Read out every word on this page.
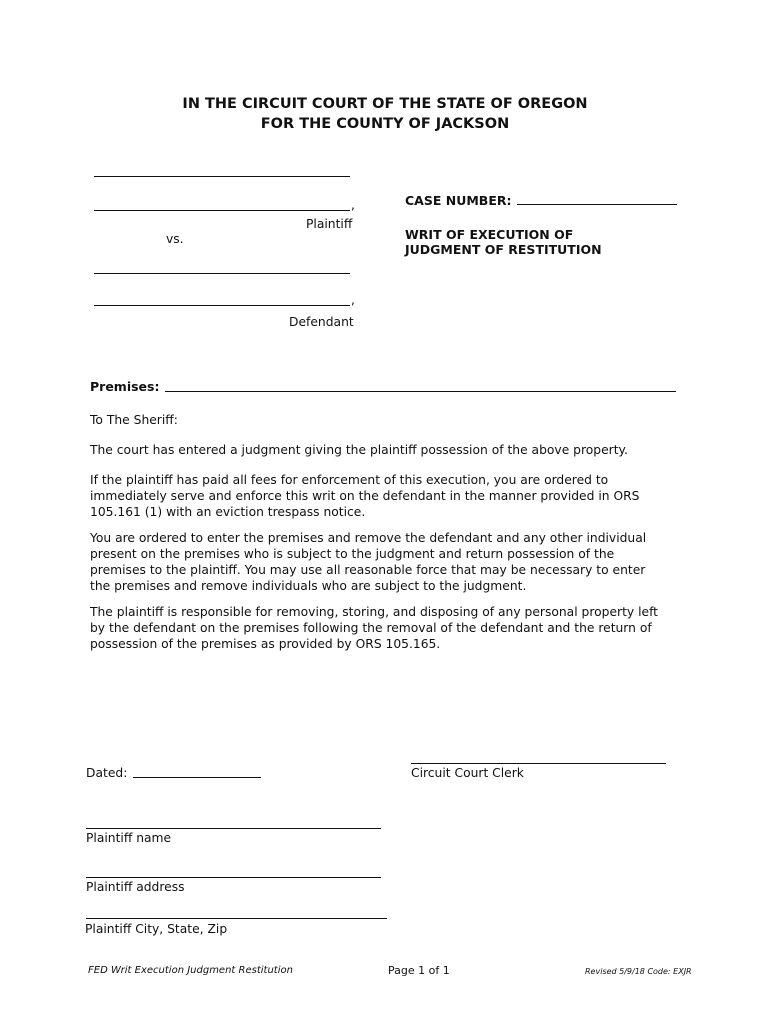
IN THE CIRCUIT COURT OF THE STATE OF OREGON
FOR THE COUNTY OF JACKSON
,
Plaintiff
vs.
,
Defendant
CASE NUMBER:
WRIT OF EXECUTION OF
JUDGMENT OF RESTITUTION
Premises:
To The Sheriff:
The court has entered a judgment giving the plaintiff possession of the above property.
If the plaintiff has paid all fees for enforcement of this execution, you are ordered to
immediately serve and enforce this writ on the defendant in the manner provided in ORS
105.161 (1) with an eviction trespass notice.
You are ordered to enter the premises and remove the defendant and any other individual
present on the premises who is subject to the judgment and return possession of the
premises to the plaintiff. You may use all reasonable force that may be necessary to enter
the premises and remove individuals who are subject to the judgment.
The plaintiff is responsible for removing, storing, and disposing of any personal property left
by the defendant on the premises following the removal of the defendant and the return of
possession of the premises as provided by ORS 105.165.
Circuit Court Clerk
Dated:
Plaintiff name
Plaintiff address
Plaintiff City, State, Zip
FED Writ Execution Judgment Restitution	Page 1 of 1	Revised 5/9/18 Code: EXJR
